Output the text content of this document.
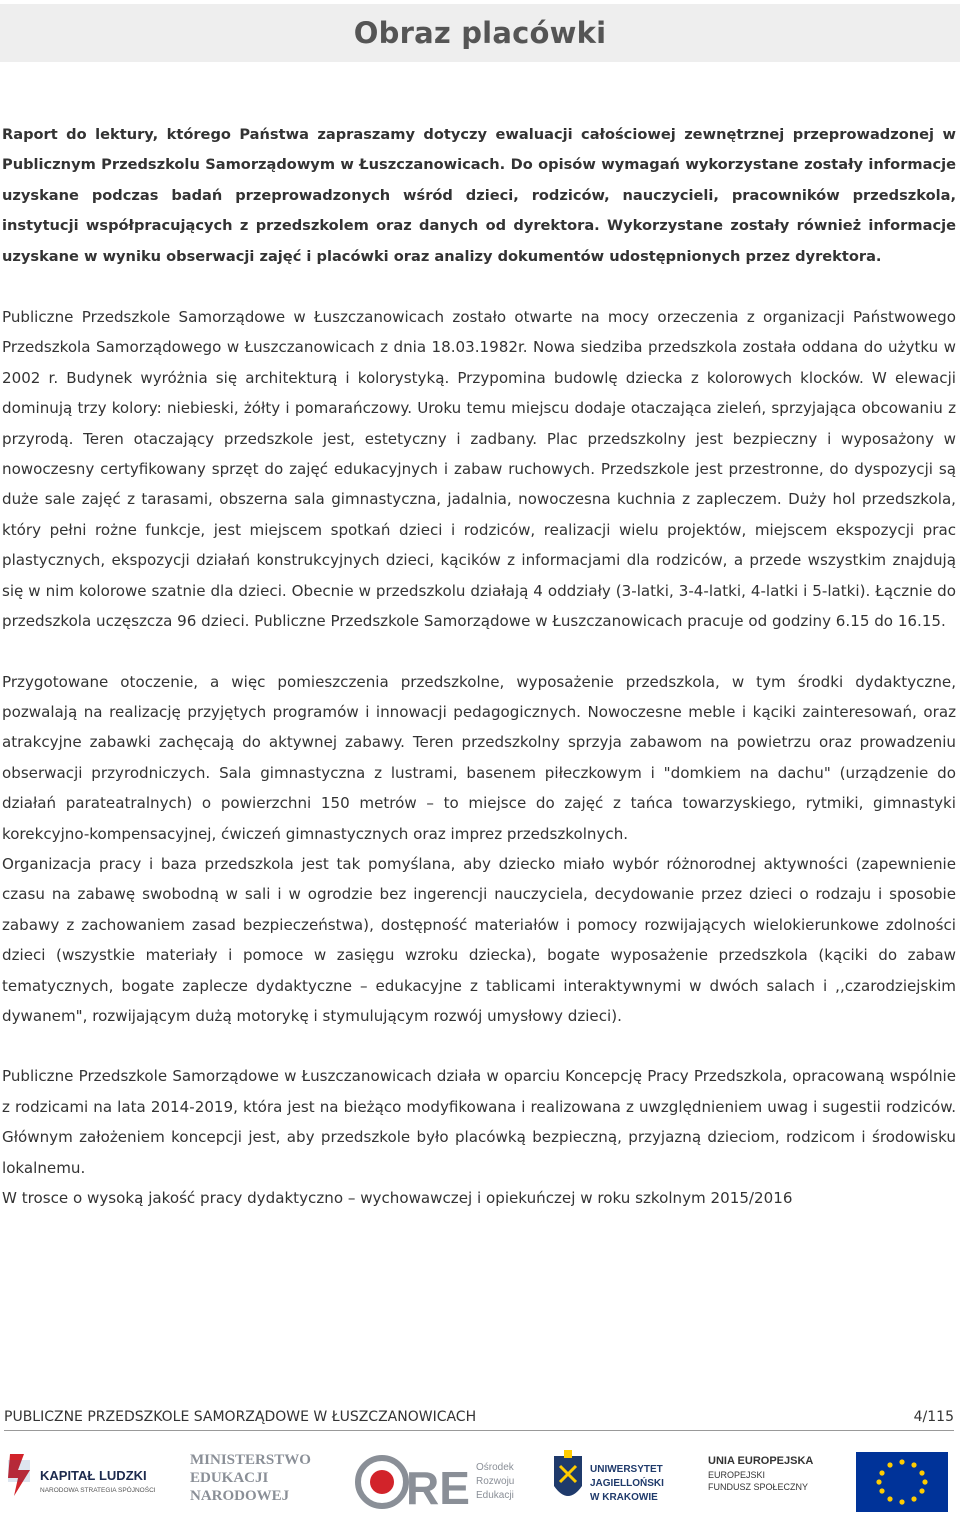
Obraz placówki

Raport do lektury, którego Państwa zapraszamy dotyczy ewaluacji całościowej zewnętrznej przeprowadzonej w Publicznym Przedszkolu Samorządowym w Łuszczanowicach. Do opisów wymagań wykorzystane zostały informacje uzyskane podczas badań przeprowadzonych wśród dzieci, rodziców, nauczycieli, pracowników przedszkola, instytucji współpracujących z przedszkolem oraz danych od dyrektora. Wykorzystane zostały również informacje uzyskane w wyniku obserwacji zajęć i placówki oraz analizy dokumentów udostępnionych przez dyrektora.

Publiczne Przedszkole Samorządowe w Łuszczanowicach zostało otwarte na mocy orzeczenia z organizacji Państwowego Przedszkola Samorządowego w Łuszczanowicach z dnia 18.03.1982r. Nowa siedziba przedszkola została oddana do użytku w 2002 r. Budynek wyróżnia się architekturą i kolorystyką. Przypomina budowlę dziecka z kolorowych klocków. W elewacji dominują trzy kolory: niebieski, żółty i pomarańczowy. Uroku temu miejscu dodaje otaczająca zieleń, sprzyjająca obcowaniu z przyrodą. Teren otaczający przedszkole jest, estetyczny i zadbany. Plac przedszkolny jest bezpieczny i wyposażony w nowoczesny certyfikowany sprzęt do zajęć edukacyjnych i zabaw ruchowych. Przedszkole jest przestronne, do dyspozycji są duże sale zajęć z tarasami, obszerna sala gimnastyczna, jadalnia, nowoczesna kuchnia z zapleczem. Duży hol przedszkola, który pełni rożne funkcje, jest miejscem spotkań dzieci i rodziców, realizacji wielu projektów, miejscem ekspozycji prac plastycznych, ekspozycji działań konstrukcyjnych dzieci, kącików z informacjami dla rodziców, a przede wszystkim znajdują się w nim kolorowe szatnie dla dzieci. Obecnie w przedszkolu działają 4 oddziały (3-latki, 3-4-latki, 4-latki i 5-latki). Łącznie do przedszkola uczęszcza 96 dzieci. Publiczne Przedszkole Samorządowe w Łuszczanowicach pracuje od godziny 6.15 do 16.15.

Przygotowane otoczenie, a więc pomieszczenia przedszkolne, wyposażenie przedszkola, w tym środki dydaktyczne, pozwalają na realizację przyjętych programów i innowacji pedagogicznych. Nowoczesne meble i kąciki zainteresowań, oraz atrakcyjne zabawki zachęcają do aktywnej zabawy. Teren przedszkolny sprzyja zabawom na powietrzu oraz prowadzeniu obserwacji przyrodniczych. Sala gimnastyczna z lustrami, basenem piłeczkowym i "domkiem na dachu" (urządzenie do działań parateatralnych) o powierzchni 150 metrów – to miejsce do zajęć z tańca towarzyskiego, rytmiki, gimnastyki korekcyjno-kompensacyjnej, ćwiczeń gimnastycznych oraz imprez przedszkolnych.

Organizacja pracy i baza przedszkola jest tak pomyślana, aby dziecko miało wybór różnorodnej aktywności (zapewnienie czasu na zabawę swobodną w sali i w ogrodzie bez ingerencji nauczyciela, decydowanie przez dzieci o rodzaju i sposobie zabawy z zachowaniem zasad bezpieczeństwa), dostępność materiałów i pomocy rozwijających wielokierunkowe zdolności dzieci (wszystkie materiały i pomoce w zasięgu wzroku dziecka), bogate wyposażenie przedszkola (kąciki do zabaw tematycznych, bogate zaplecze dydaktyczne – edukacyjne z tablicami interaktywnymi w dwóch salach i ,,czarodziejskim dywanem", rozwijającym dużą motorykę i stymulującym rozwój umysłowy dzieci).

Publiczne Przedszkole Samorządowe w Łuszczanowicach działa w oparciu Koncepcję Pracy Przedszkola, opracowaną wspólnie z rodzicami na lata 2014-2019, która jest na bieżąco modyfikowana i realizowana z uwzględnieniem uwag i sugestii rodziców. Głównym założeniem koncepcji jest, aby przedszkole było placówką bezpieczną, przyjazną dzieciom, rodzicom i środowisku lokalnemu.

W trosce o wysoką jakość pracy dydaktyczno – wychowawczej i opiekuńczej w roku szkolnym 2015/2016

PUBLICZNE PRZEDSZKOLE SAMORZĄDOWE W ŁUSZCZANOWICACH	4/115
KAPITAŁ LUDZKI
NARODOWA STRATEGIA SPÓJNOŚCI
MINISTERSTWO
EDUKACJI
NARODOWEJ	RE Ośrodek
Rozwoju
Edukacji
UNIWERSYTET
JAGIELLOŃSKI
W KRAKOWIE
UNIA EUROPEJSKA
EUROPEJSKI
FUNDUSZ SPOŁECZNY
